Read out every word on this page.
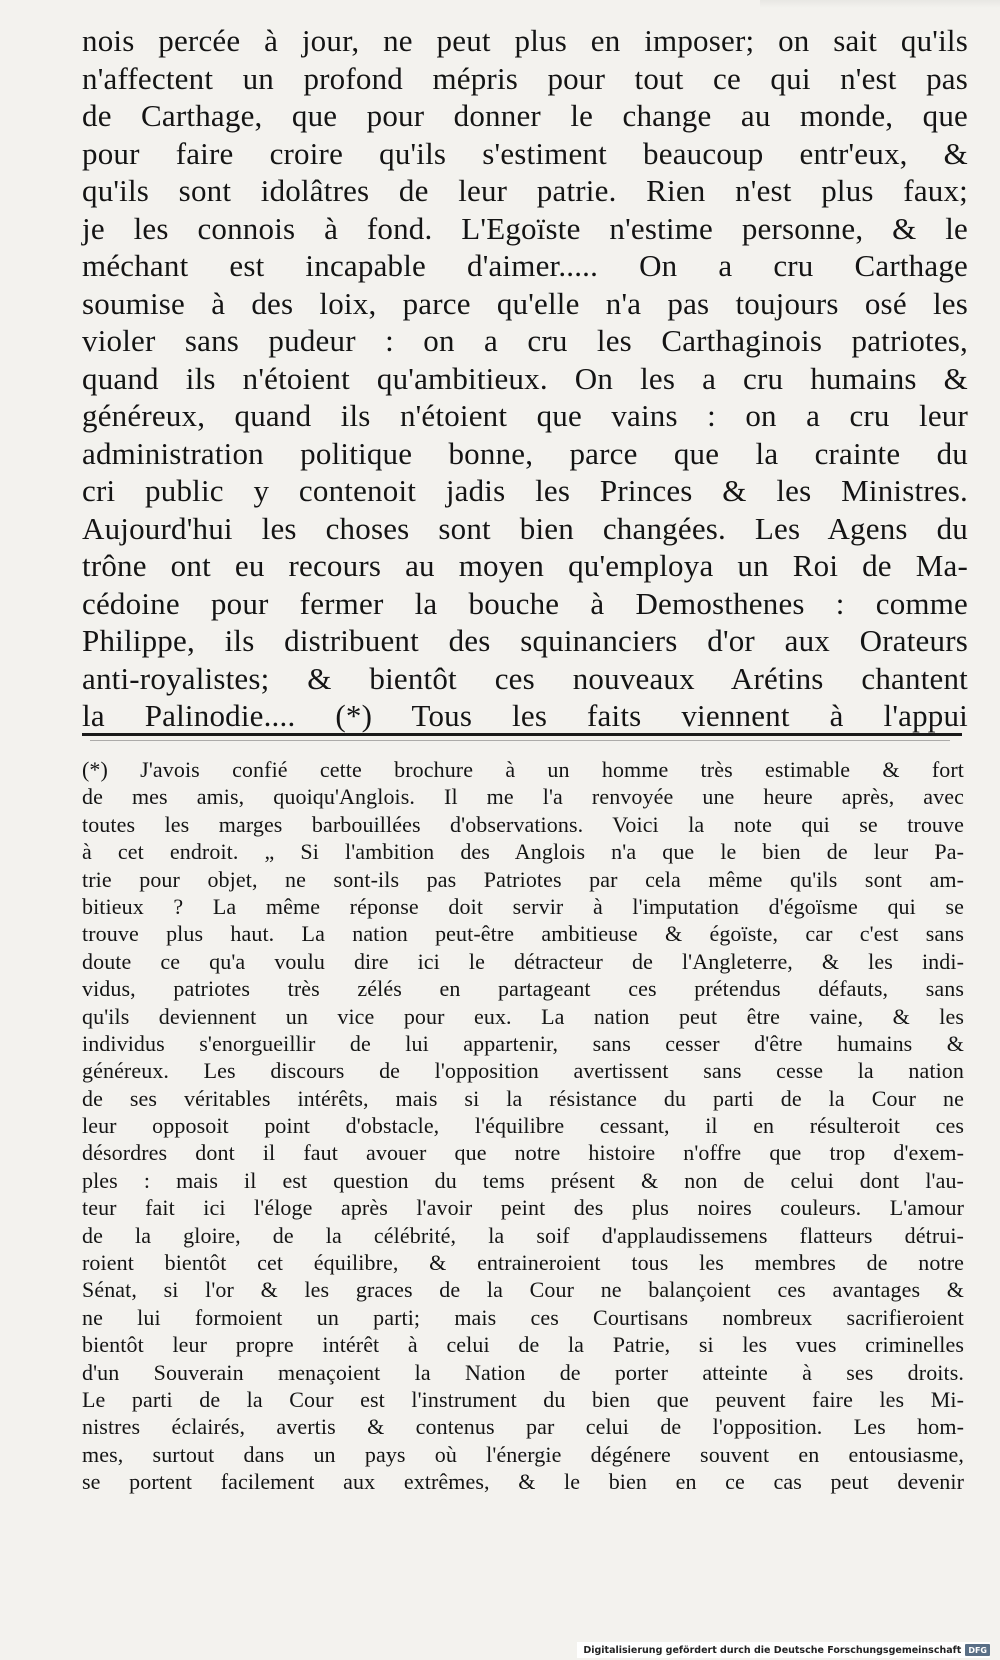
nois percée à jour, ne peut plus en imposer; on sait qu'ils
n'affectent un profond mépris pour tout ce qui n'est pas
de Carthage, que pour donner le change au monde, que
pour faire croire qu'ils s'estiment beaucoup entr'eux, &
qu'ils sont idolâtres de leur patrie. Rien n'est plus faux;
je les connois à fond. L'Egoïste n'estime personne, & le
méchant est incapable d'aimer..... On a cru Carthage
soumise à des loix, parce qu'elle n'a pas toujours osé les
violer sans pudeur : on a cru les Carthaginois patriotes,
quand ils n'étoient qu'ambitieux. On les a cru humains &
généreux, quand ils n'étoient que vains : on a cru leur
administration politique bonne, parce que la crainte du
cri public y contenoit jadis les Princes & les Ministres.
Aujourd'hui les choses sont bien changées. Les Agens du
trône ont eu recours au moyen qu'employa un Roi de Ma-
cédoine pour fermer la bouche à Demosthenes : comme
Philippe, ils distribuent des squinanciers d'or aux Orateurs
anti-royalistes; & bientôt ces nouveaux Arétins chantent
la Palinodie.... (*) Tous les faits viennent à l'appui
(*) J'avois confié cette brochure à un homme très estimable & fort
de mes amis, quoiqu'Anglois. Il me l'a renvoyée une heure après, avec
toutes les marges barbouillées d'observations. Voici la note qui se trouve
à cet endroit. „ Si l'ambition des Anglois n'a que le bien de leur Pa-
trie pour objet, ne sont-ils pas Patriotes par cela même qu'ils sont am-
bitieux ? La même réponse doit servir à l'imputation d'égoïsme qui se
trouve plus haut. La nation peut-être ambitieuse & égoïste, car c'est sans
doute ce qu'a voulu dire ici le détracteur de l'Angleterre, & les indi-
vidus, patriotes très zélés en partageant ces prétendus défauts, sans
qu'ils deviennent un vice pour eux. La nation peut être vaine, & les
individus s'enorgueillir de lui appartenir, sans cesser d'être humains &
généreux. Les discours de l'opposition avertissent sans cesse la nation
de ses véritables intérêts, mais si la résistance du parti de la Cour ne
leur opposoit point d'obstacle, l'équilibre cessant, il en résulteroit ces
désordres dont il faut avouer que notre histoire n'offre que trop d'exem-
ples : mais il est question du tems présent & non de celui dont l'au-
teur fait ici l'éloge après l'avoir peint des plus noires couleurs. L'amour
de la gloire, de la célébrité, la soif d'applaudissemens flatteurs détrui-
roient bientôt cet équilibre, & entraineroient tous les membres de notre
Sénat, si l'or & les graces de la Cour ne balançoient ces avantages &
ne lui formoient un parti; mais ces Courtisans nombreux sacrifieroient
bientôt leur propre intérêt à celui de la Patrie, si les vues criminelles
d'un Souverain menaçoient la Nation de porter atteinte à ses droits.
Le parti de la Cour est l'instrument du bien que peuvent faire les Mi-
nistres éclairés, avertis & contenus par celui de l'opposition. Les hom-
mes, surtout dans un pays où l'énergie dégénere souvent en entousiasme,
se portent facilement aux extrêmes, & le bien en ce cas peut devenir
Digitalisierung gefördert durch die Deutsche Forschungsgemeinschaft DFG
